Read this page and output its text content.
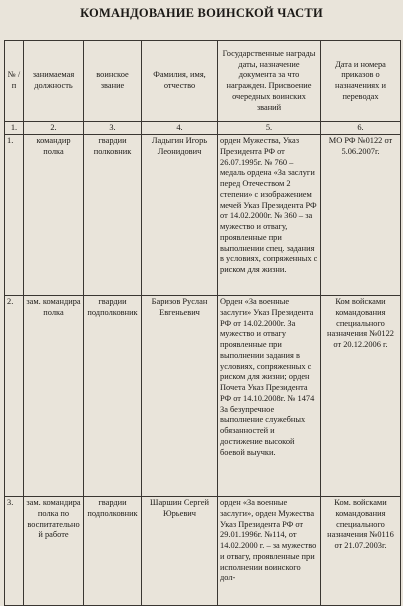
КОМАНДОВАНИЕ ВОИНСКОЙ ЧАСТИ
№ /п	занимаемая должность	воинское звание	Фамилия, имя, отчество	Государственные награды даты, назначение документа за что награжден. Присвоение очередных воинских званий	Дата и номера приказов о назначениях и переводах
1.	2.	3.	4.	5.	6.
1.	командир полка	гвардии полковник	Ладыгин Игорь Леонидович	орден Мужества, Указ Президента РФ от 26.07.1995г. № 760 – медаль ордена «За заслуги перед Отечеством 2 степени» с изображением мечей Указ Президента РФ от 14.02.2000г. № 360 – за мужество и отвагу, проявленные при выполнении спец. задания в условиях, сопряженных с риском для жизни.	МО РФ №0122 от 5.06.2007г.
2.	зам. командира полка	гвардии подполковник	Баризов Руслан Евгеньевич	Орден «За военные заслуги» Указ Президента РФ от 14.02.2000г. За мужество и отвагу проявленные при выполнении задания в условиях, сопряженных с риском для жизни; орден Почета Указ Президента РФ от 14.10.2008г. № 1474 За безупречное выполнение служебных обязанностей и достижение высокой боевой выучки.	Ком войсками командования специального назначения №0122 от 20.12.2006 г.
3.	зам. командира полка по воспитательной работе	гвардии подполковник	Шаршин Сергей Юрьевич	орден «За военные заслуги», орден Мужества Указ Президента РФ от 29.01.1996г. №114, от 14.02.2000 г. – за мужество и отвагу, проявленные при исполнении воинского дол-	Ком. войсками командования специального назначения №0116 от 21.07.2003г.
